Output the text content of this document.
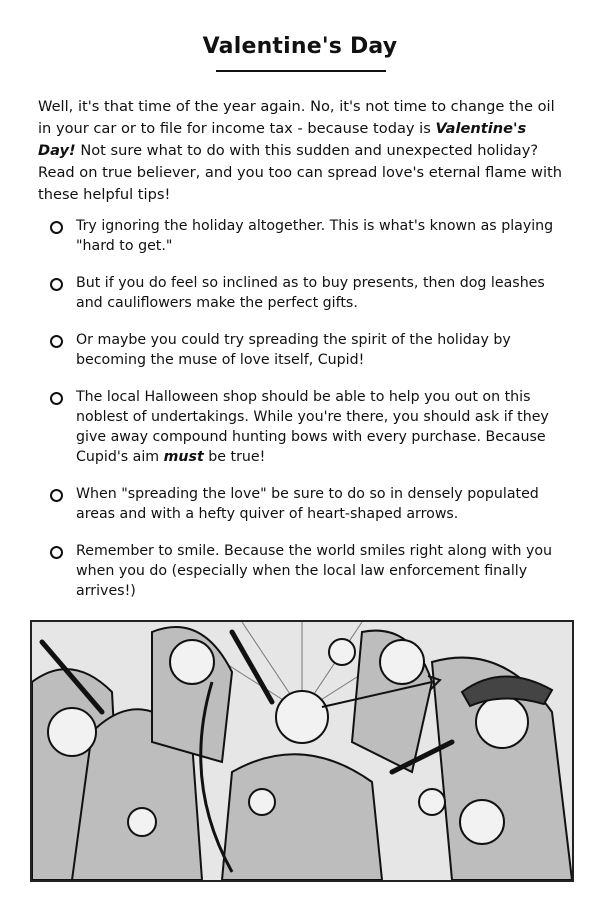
Valentine's Day

Well, it's that time of the year again. No, it's not time to change the oil in your car or to file for income tax - because today is Valentine's Day! Not sure what to do with this sudden and unexpected holiday? Read on true believer, and you too can spread love's eternal flame with these helpful tips!

Try ignoring the holiday altogether. This is what's known as playing "hard to get."
But if you do feel so inclined as to buy presents, then dog leashes and cauliflowers make the perfect gifts.
Or maybe you could try spreading the spirit of the holiday by becoming the muse of love itself, Cupid!
The local Halloween shop should be able to help you out on this noblest of undertakings. While you're there, you should ask if they give away compound hunting bows with every purchase. Because Cupid's aim must be true!
When "spreading the love" be sure to do so in densely populated areas and with a hefty quiver of heart-shaped arrows.
Remember to smile. Because the world smiles right along with you when you do (especially when the local law enforcement finally arrives!)
